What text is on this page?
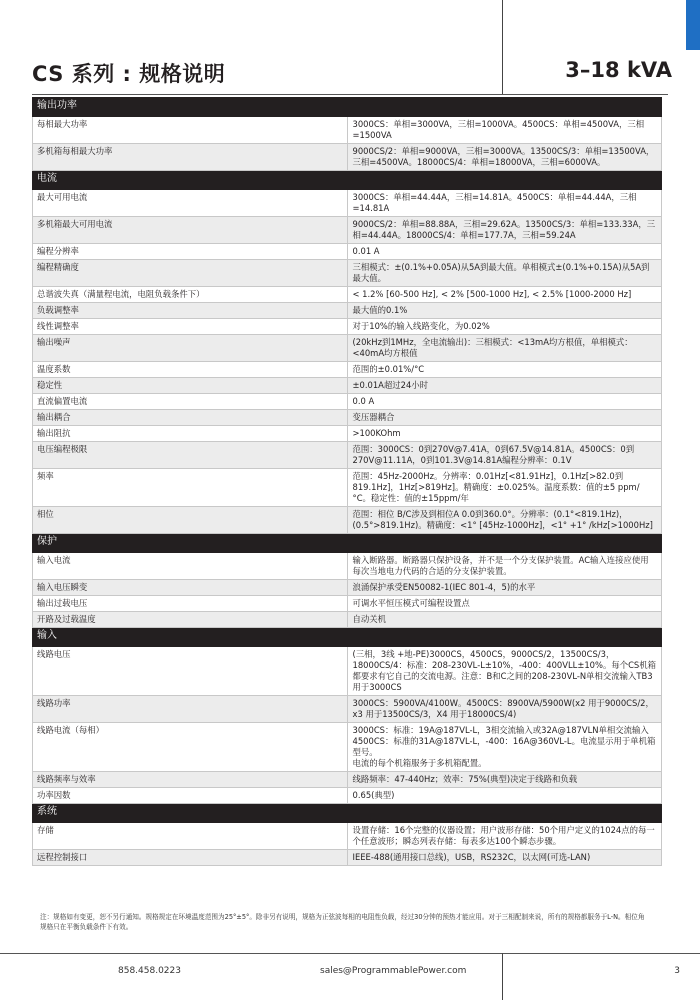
CS 系列 : 规格说明	3–18 kVA
输出功率	
每相最大功率	3000CS：单相=3000VA，三相=1000VA。4500CS：单相=4500VA，三相=1500VA
多机箱每相最大功率	9000CS/2：单相=9000VA，三相=3000VA。13500CS/3：单相=13500VA，三相=4500VA。18000CS/4：单相=18000VA，三相=6000VA。
电流	
最大可用电流	3000CS：单相=44.44A，三相=14.81A。4500CS：单相=44.44A，三相=14.81A
多机箱最大可用电流	9000CS/2：单相=88.88A，三相=29.62A。13500CS/3：单相=133.33A，三相=44.44A。18000CS/4：单相=177.7A，三相=59.24A
编程分辨率	0.01 A
编程精确度	三相模式：±(0.1%+0.05A)从5A到最大值。单相模式±(0.1%+0.15A)从5A到最大值。
总谐波失真（满量程电流，电阻负载条件下）	< 1.2% [60-500 Hz], < 2% [500-1000 Hz], < 2.5% [1000-2000 Hz]
负载调整率	最大值的0.1%
线性调整率	对于10%的输入线路变化，为0.02%
输出噪声	(20kHz到1MHz，全电流输出)：三相模式：<13mA均方根值，单相模式：<40mA均方根值
温度系数	范围的±0.01%/°C
稳定性	±0.01A超过24小时
直流偏置电流	0.0 A
输出耦合	变压器耦合
输出阻抗	>100KOhm
电压编程极限	范围：3000CS：0到270V@7.41A，0到67.5V@14.81A。4500CS：0到270V@11.11A，0到101.3V@14.81A编程分辨率：0.1V
频率	范围：45Hz-2000Hz。分辨率：0.01Hz[<81.91Hz]，0.1Hz[>82.0到819.1Hz]，1Hz[>819Hz]。精确度：±0.025%。温度系数：值的±5 ppm/°C。稳定性：值的±15ppm/年
相位	范围：相位 B/C涉及到相位A 0.0到360.0°。分辨率：(0.1°<819.1Hz)，(0.5°>819.1Hz)。精确度：<1° [45Hz-1000Hz]，<1° +1° /kHz[>1000Hz]
保护	
输入电流	输入断路器。断路器只保护设备，并不是一个分支保护装置。AC输入连接应使用每次当地电力代码的合适的分支保护装置。
输入电压瞬变	浪涌保护承受EN50082-1(IEC 801-4，5)的水平
输出过载电压	可调水平恒压模式可编程设置点
开路及过载温度	自动关机
输入	
线路电压	(三相，3线 +地-PE)3000CS，4500CS，9000CS/2，13500CS/3，18000CS/4：标准：208-230VL-L±10%，-400：400VLL±10%。每个CS机箱都要求有它自己的交流电源。注意：B和C之间的208-230VL-N单相交流输入TB3用于3000CS
线路功率	3000CS：5900VA/4100W。4500CS：8900VA/5900W(x2 用于9000CS/2，x3 用于13500CS/3，X4 用于18000CS/4)
线路电流（每相）	3000CS：标准：19A@187VL-L，3相交流输入或32A@187VLN单相交流输入
4500CS：标准的31A@187VL-L，-400：16A@360VL-L。电流显示用于单机箱型号。
电流的每个机箱服务于多机箱配置。
线路频率与效率	线路频率：47-440Hz；效率：75%(典型)决定于线路和负载
功率因数	0.65(典型)
系统	
存储	设置存储：16个完整的仪器设置；用户波形存储：50个用户定义的1024点的每一个任意波形；瞬态列表存储：每表多达100个瞬态步骤。
远程控制接口	IEEE-488(通用接口总线)，USB，RS232C，以太网(可选-LAN)
注：规格如有变更，恕不另行通知。规格规定在环境温度范围为25°±5°。除非另有说明，规格为正弦波每相的电阻性负载，经过30分钟的预热才能应用。对于三相配制来说，所有的规格都服务于L-N。相位角规格只在平衡负载条件下有效。
858.458.0223	sales@ProgrammablePower.com	3
